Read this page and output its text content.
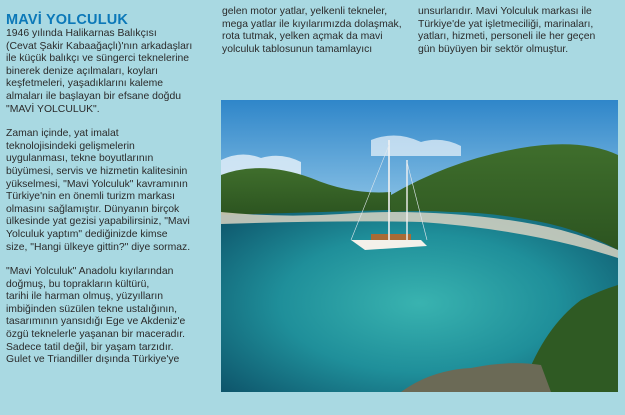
MAVİ YOLCULUK

1946 yılında Halikarnas Balıkçısı
(Cevat Şakir Kabaağaçlı)'nın arkadaşları
ile küçük balıkçı ve süngerci teknelerine
binerek denize açılmaları, koyları
keşfetmeleri, yaşadıklarını kaleme
almaları ile başlayan bir efsane doğdu
"MAVİ YOLCULUK".

Zaman içinde, yat imalat
teknolojisindeki gelişmelerin
uygulanması, tekne boyutlarının
büyümesi, servis ve hizmetin kalitesinin
yükselmesi, "Mavi Yolculuk" kavramının
Türkiye'nin en önemli turizm markası
olmasını sağlamıştır. Dünyanın birçok
ülkesinde yat gezisi yapabilirsiniz, "Mavi
Yolculuk yaptım" dediğinizde kimse
size, "Hangi ülkeye gittin?" diye sormaz.

"Mavi Yolculuk" Anadolu kıyılarından
doğmuş, bu toprakların kültürü,
tarihi ile harman olmuş, yüzyılların
imbiğinden süzülen tekne ustalığının,
tasarımının yansıdığı Ege ve Akdeniz'e
özgü teknelerle yaşanan bir maceradır.
Sadece tatil değil, bir yaşam tarzıdır.
Gulet ve Triandiller dışında Türkiye'ye

gelen motor yatlar, yelkenli tekneler,
mega yatlar ile kıyılarımızda dolaşmak,
rota tutmak, yelken açmak da mavi
yolculuk tablosunun tamamlayıcı

unsurlarıdır. Mavi Yolculuk markası ile
Türkiye'de yat işletmeciliği, marinaları,
yatları, hizmeti, personeli ile her geçen
gün büyüyen bir sektör olmuştur.
